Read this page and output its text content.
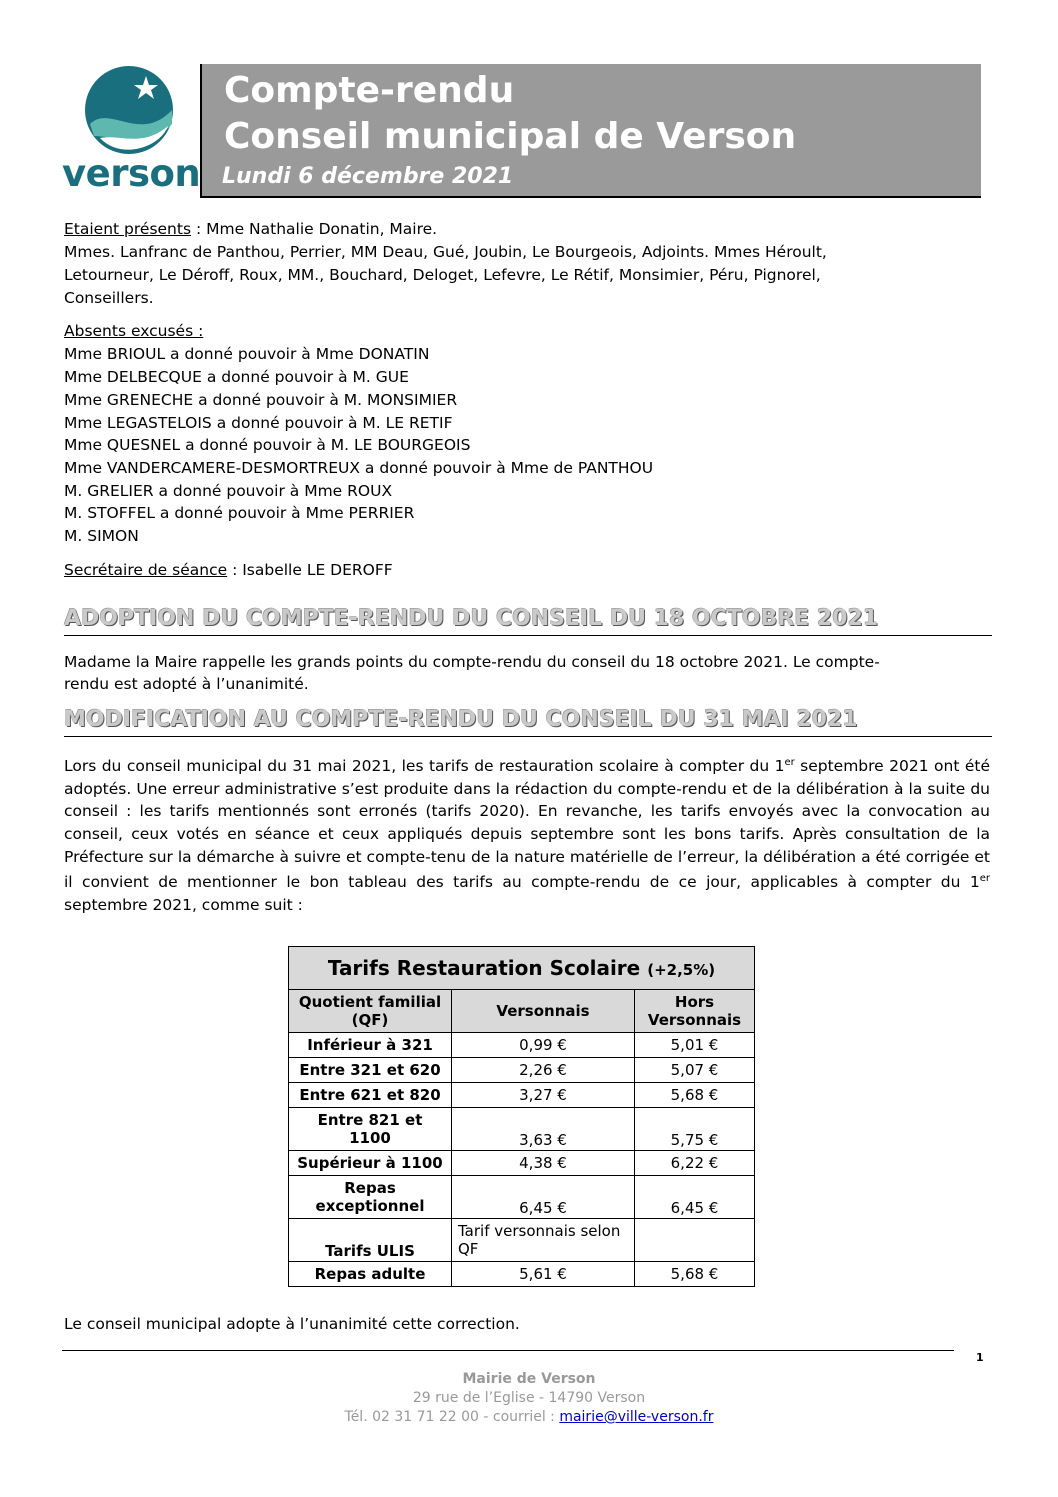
verson
Compte-rendu
Conseil municipal de Verson
Lundi 6 décembre 2021
Etaient présents : Mme Nathalie Donatin, Maire.
Mmes. Lanfranc de Panthou, Perrier, MM Deau, Gué, Joubin, Le Bourgeois, Adjoints. Mmes Héroult,
Letourneur, Le Déroff, Roux, MM., Bouchard, Deloget, Lefevre, Le Rétif, Monsimier, Péru, Pignorel,
Conseillers.
Absents excusés :
Mme BRIOUL a donné pouvoir à Mme DONATIN
Mme DELBECQUE a donné pouvoir à M. GUE
Mme GRENECHE a donné pouvoir à M. MONSIMIER
Mme LEGASTELOIS a donné pouvoir à M. LE RETIF
Mme QUESNEL a donné pouvoir à M. LE BOURGEOIS
Mme VANDERCAMERE-DESMORTREUX a donné pouvoir à Mme de PANTHOU
M. GRELIER a donné pouvoir à Mme ROUX
M. STOFFEL a donné pouvoir à Mme PERRIER
M. SIMON
Secrétaire de séance : Isabelle LE DEROFF
ADOPTION DU COMPTE-RENDU DU CONSEIL DU 18 OCTOBRE 2021
Madame la Maire rappelle les grands points du compte-rendu du conseil du 18 octobre 2021. Le compte-
rendu est adopté à l’unanimité.
MODIFICATION AU COMPTE-RENDU DU CONSEIL DU 31 MAI 2021
Lors du conseil municipal du 31 mai 2021, les tarifs de restauration scolaire à compter du 1er septembre 2021 ont été adoptés. Une erreur administrative s’est produite dans la rédaction du compte-rendu et de la délibération à la suite du conseil : les tarifs mentionnés sont erronés (tarifs 2020). En revanche, les tarifs envoyés avec la convocation au conseil, ceux votés en séance et ceux appliqués depuis septembre sont les bons tarifs. Après consultation de la Préfecture sur la démarche à suivre et compte-tenu de la nature matérielle de l’erreur, la délibération a été corrigée et il convient de mentionner le bon tableau des tarifs au compte-rendu de ce jour, applicables à compter du 1er septembre 2021, comme suit :
Tarifs Restauration Scolaire (+2,5%)		
Quotient familial (QF)	Versonnais	Hors Versonnais
Inférieur à 321	0,99 €	5,01 €
Entre 321 et 620	2,26 €	5,07 €
Entre 621 et 820	3,27 €	5,68 €
Entre 821 et 1100	3,63 €	5,75 €
Supérieur à 1100	4,38 €	6,22 €
Repas exceptionnel	6,45 €	6,45 €
Tarifs ULIS	Tarif versonnais selon QF	
Repas adulte	5,61 €	5,68 €
Le conseil municipal adopte à l’unanimité cette correction.
1
Mairie de Verson
29 rue de l’Eglise - 14790 Verson
Tél. 02 31 71 22 00 - courriel : mairie@ville-verson.fr
